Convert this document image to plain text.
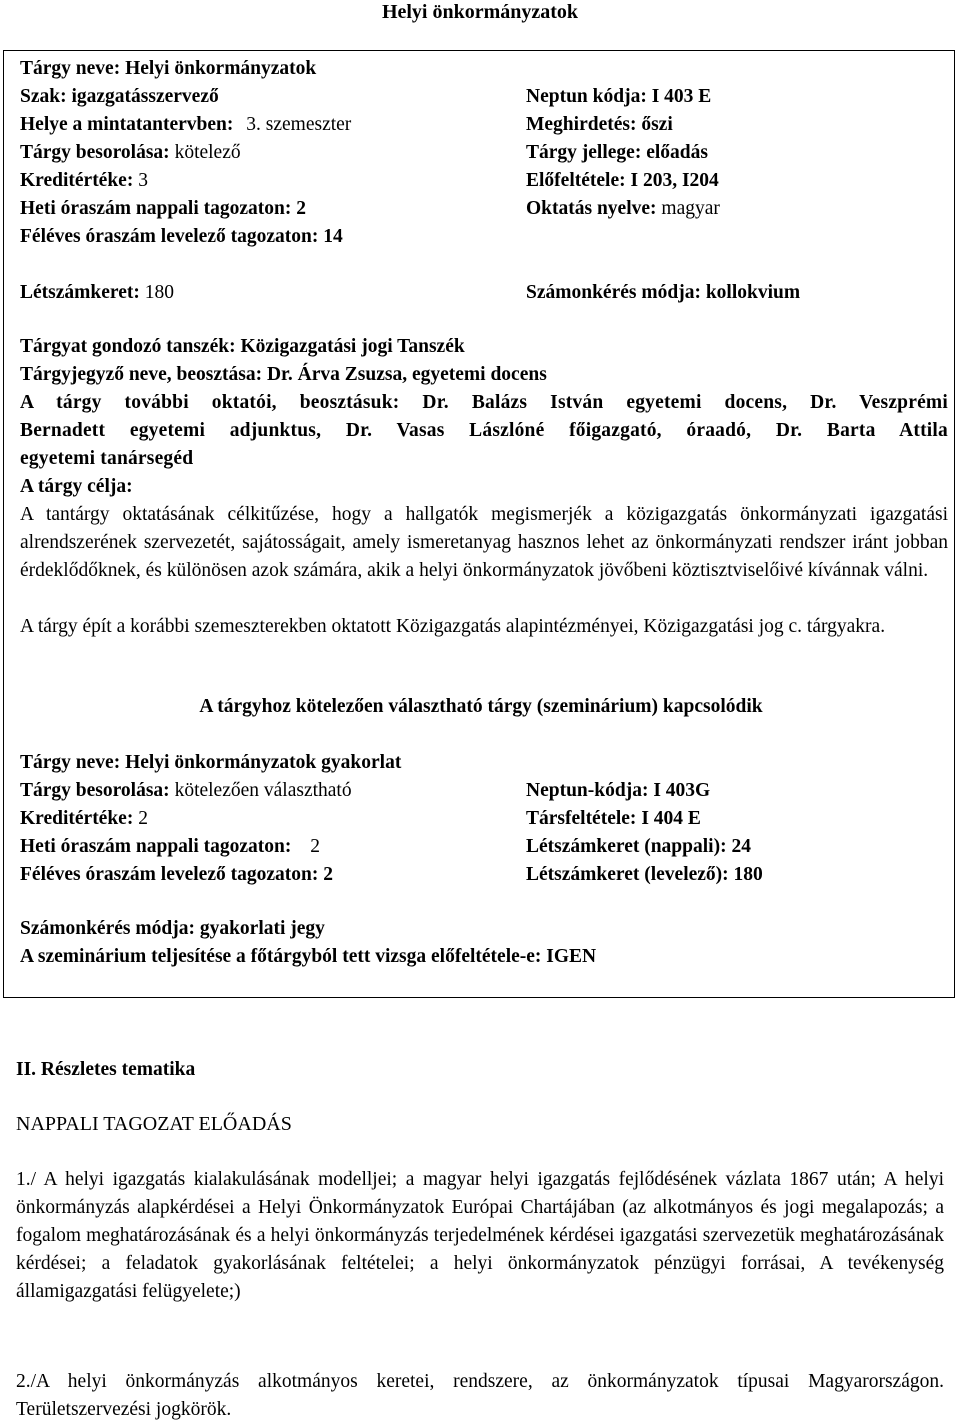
Helyi önkormányzatok
Tárgy neve: Helyi önkormányzatok
Szak: igazgatásszervező	Neptun kódja: I 403 E
Helye a mintatantervben: 3. szemeszter	Meghirdetés: őszi
Tárgy besorolása: kötelező	Tárgy jellege: előadás
Kreditértéke: 3	Előfeltétele: I 203, I204
Heti óraszám nappali tagozaton: 2	Oktatás nyelve: magyar
Féléves óraszám levelező tagozaton: 14
Létszámkeret: 180	Számonkérés módja: kollokvium
Tárgyat gondozó tanszék: Közigazgatási jogi Tanszék
Tárgyjegyző neve, beosztása: Dr. Árva Zsuzsa, egyetemi docens
A tárgy további oktatói, beosztásuk: Dr. Balázs István egyetemi docens, Dr. Veszprémi
Bernadett egyetemi adjunktus, Dr. Vasas Lászlóné főigazgató, óraadó, Dr. Barta Attila
egyetemi tanársegéd
A tárgy célja:
A tantárgy oktatásának célkitűzése, hogy a hallgatók megismerjék a közigazgatás önkormányzati igazgatási alrendszerének szervezetét, sajátosságait, amely ismeretanyag hasznos lehet az önkormányzati rendszer iránt jobban érdeklődőknek, és különösen azok számára, akik a helyi önkormányzatok jövőbeni köztisztviselőivé kívánnak válni.
A tárgy épít a korábbi szemeszterekben oktatott Közigazgatás alapintézményei, Közigazgatási jog c. tárgyakra.
A tárgyhoz kötelezően választható tárgy (szeminárium) kapcsolódik
Tárgy neve: Helyi önkormányzatok gyakorlat
Tárgy besorolása: kötelezően választható	Neptun-kódja: I 403G
Kreditértéke: 2	Társfeltétele: I 404 E
Heti óraszám nappali tagozaton: 2	Létszámkeret (nappali): 24
Féléves óraszám levelező tagozaton: 2	Létszámkeret (levelező): 180
Számonkérés módja: gyakorlati jegy
A szeminárium teljesítése a főtárgyból tett vizsga előfeltétele-e: IGEN
II. Részletes tematika
NAPPALI TAGOZAT ELŐADÁS
1./ A helyi igazgatás kialakulásának modelljei; a magyar helyi igazgatás fejlődésének vázlata 1867 után; A helyi önkormányzás alapkérdései a Helyi Önkormányzatok Európai Chartájában (az alkotmányos és jogi megalapozás; a fogalom meghatározásának és a helyi önkormányzás terjedelmének kérdései igazgatási szervezetük meghatározásának kérdései; a feladatok gyakorlásának feltételei; a helyi önkormányzatok pénzügyi forrásai, A tevékenység államigazgatási felügyelete;)
2./A helyi önkormányzás alkotmányos keretei, rendszere, az önkormányzatok típusai Magyarországon. Területszervezési jogkörök.
